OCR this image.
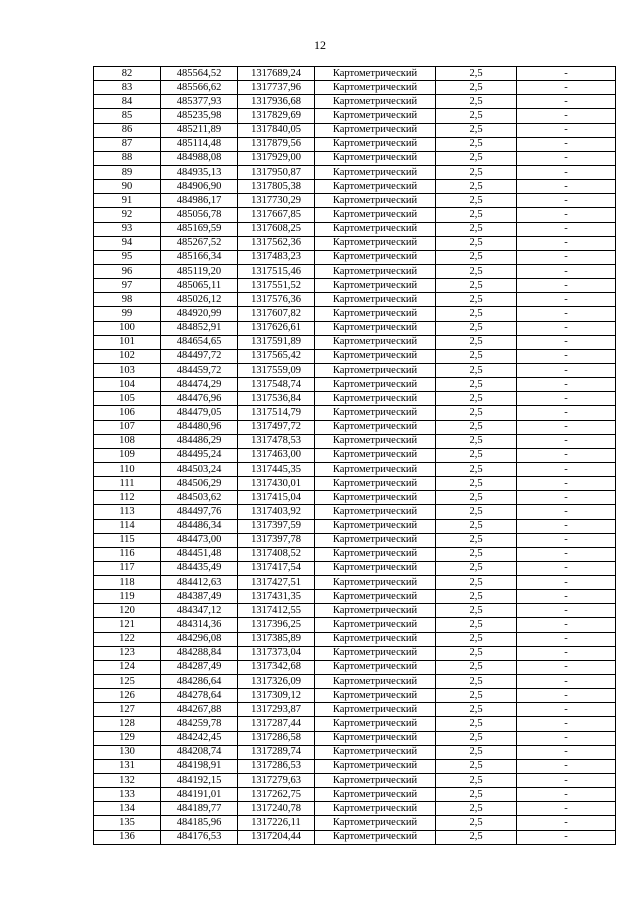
12
82	485564,52	1317689,24	Картометрический	2,5	-
83	485566,62	1317737,96	Картометрический	2,5	-
84	485377,93	1317936,68	Картометрический	2,5	-
85	485235,98	1317829,69	Картометрический	2,5	-
86	485211,89	1317840,05	Картометрический	2,5	-
87	485114,48	1317879,56	Картометрический	2,5	-
88	484988,08	1317929,00	Картометрический	2,5	-
89	484935,13	1317950,87	Картометрический	2,5	-
90	484906,90	1317805,38	Картометрический	2,5	-
91	484986,17	1317730,29	Картометрический	2,5	-
92	485056,78	1317667,85	Картометрический	2,5	-
93	485169,59	1317608,25	Картометрический	2,5	-
94	485267,52	1317562,36	Картометрический	2,5	-
95	485166,34	1317483,23	Картометрический	2,5	-
96	485119,20	1317515,46	Картометрический	2,5	-
97	485065,11	1317551,52	Картометрический	2,5	-
98	485026,12	1317576,36	Картометрический	2,5	-
99	484920,99	1317607,82	Картометрический	2,5	-
100	484852,91	1317626,61	Картометрический	2,5	-
101	484654,65	1317591,89	Картометрический	2,5	-
102	484497,72	1317565,42	Картометрический	2,5	-
103	484459,72	1317559,09	Картометрический	2,5	-
104	484474,29	1317548,74	Картометрический	2,5	-
105	484476,96	1317536,84	Картометрический	2,5	-
106	484479,05	1317514,79	Картометрический	2,5	-
107	484480,96	1317497,72	Картометрический	2,5	-
108	484486,29	1317478,53	Картометрический	2,5	-
109	484495,24	1317463,00	Картометрический	2,5	-
110	484503,24	1317445,35	Картометрический	2,5	-
111	484506,29	1317430,01	Картометрический	2,5	-
112	484503,62	1317415,04	Картометрический	2,5	-
113	484497,76	1317403,92	Картометрический	2,5	-
114	484486,34	1317397,59	Картометрический	2,5	-
115	484473,00	1317397,78	Картометрический	2,5	-
116	484451,48	1317408,52	Картометрический	2,5	-
117	484435,49	1317417,54	Картометрический	2,5	-
118	484412,63	1317427,51	Картометрический	2,5	-
119	484387,49	1317431,35	Картометрический	2,5	-
120	484347,12	1317412,55	Картометрический	2,5	-
121	484314,36	1317396,25	Картометрический	2,5	-
122	484296,08	1317385,89	Картометрический	2,5	-
123	484288,84	1317373,04	Картометрический	2,5	-
124	484287,49	1317342,68	Картометрический	2,5	-
125	484286,64	1317326,09	Картометрический	2,5	-
126	484278,64	1317309,12	Картометрический	2,5	-
127	484267,88	1317293,87	Картометрический	2,5	-
128	484259,78	1317287,44	Картометрический	2,5	-
129	484242,45	1317286,58	Картометрический	2,5	-
130	484208,74	1317289,74	Картометрический	2,5	-
131	484198,91	1317286,53	Картометрический	2,5	-
132	484192,15	1317279,63	Картометрический	2,5	-
133	484191,01	1317262,75	Картометрический	2,5	-
134	484189,77	1317240,78	Картометрический	2,5	-
135	484185,96	1317226,11	Картометрический	2,5	-
136	484176,53	1317204,44	Картометрический	2,5	-
